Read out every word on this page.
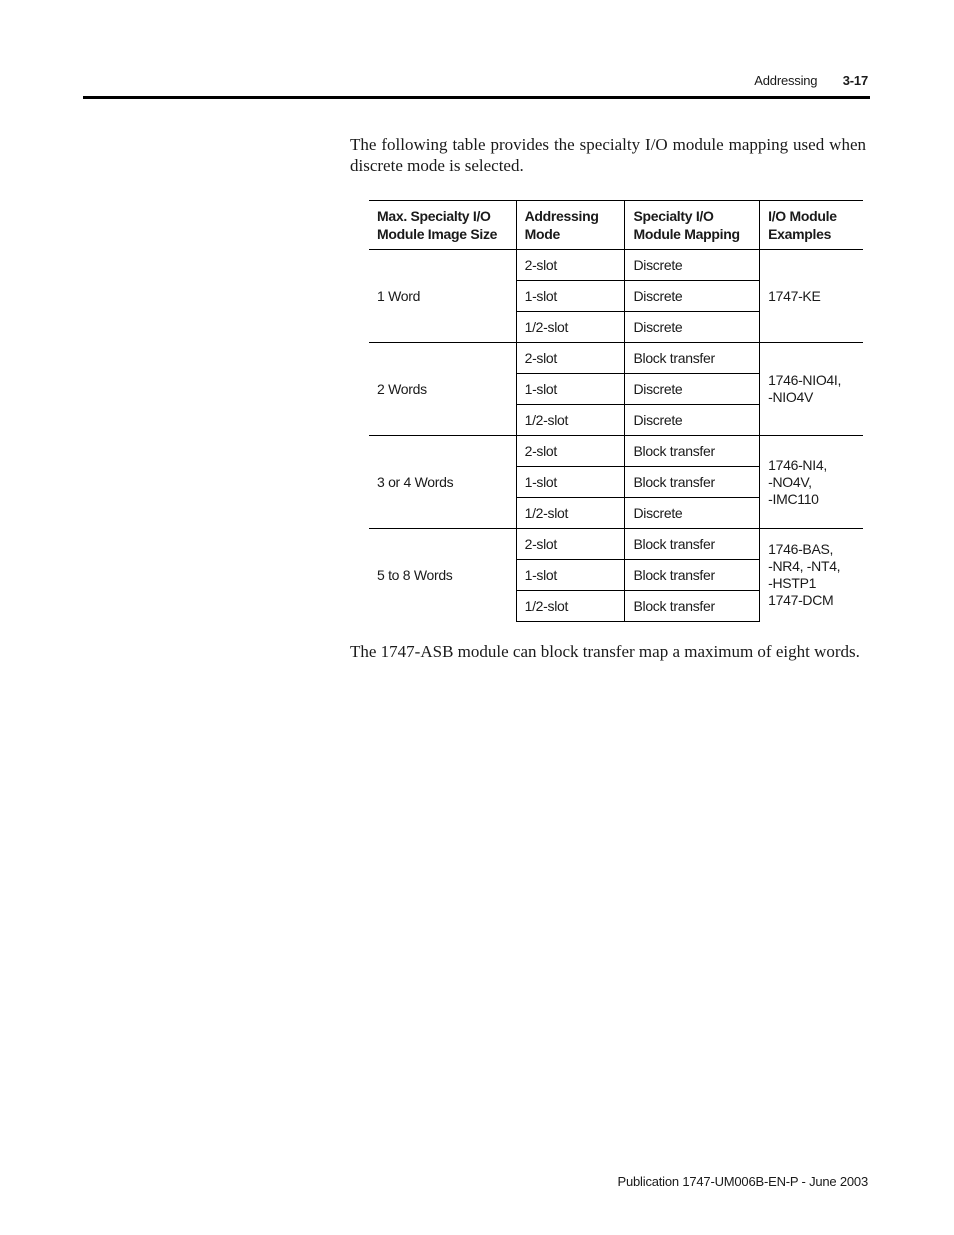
Addressing 3-17

The following table provides the specialty I/O module mapping used when discrete mode is selected.

Max. Specialty I/O Module Image Size	Addressing Mode	Specialty I/O Module Mapping	I/O Module Examples
1 Word	2-slot	Discrete	1747-KE
	1-slot	Discrete	
	1/2-slot	Discrete	
2 Words	2-slot	Block transfer	1746-NIO4I,
-NIO4V
	1-slot	Discrete	
	1/2-slot	Discrete	
3 or 4 Words	2-slot	Block transfer	1746-NI4,
-NO4V,
-IMC110
	1-slot	Block transfer	
	1/2-slot	Discrete	
5 to 8 Words	2-slot	Block transfer	1746-BAS,
-NR4, -NT4,
-HSTP1
1747-DCM
	1-slot	Block transfer	
	1/2-slot	Block transfer	

The 1747-ASB module can block transfer map a maximum of eight words.

Publication 1747-UM006B-EN-P - June 2003
